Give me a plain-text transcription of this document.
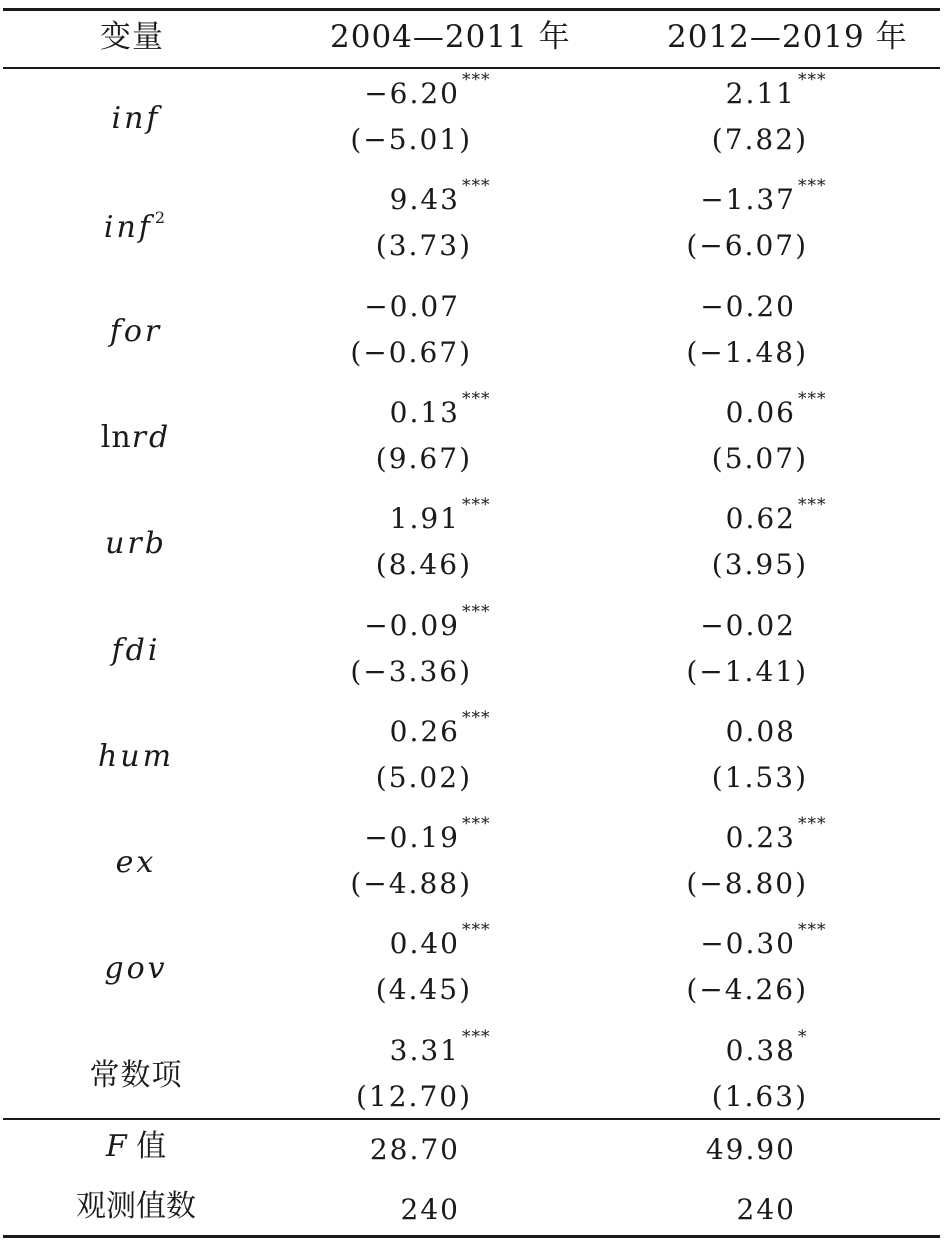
变量	2004—2011 年	2012—2019 年
inf
−6.20 ***	2.11 ***
(−5.01)	(7.82)
inf $^2$
9.43 ***	−1.37 ***
(3.73)	(−6.07)
for
−0.07	−0.20
(−0.67)	(−1.48)
lnrd
0.13 ***	0.06 ***
(9.67)	(5.07)
urb
1.91 ***	0.62 ***
(8.46)	(3.95)
fdi
−0.09 ***	−0.02
(−3.36)	(−1.41)
hum
0.26 ***	0.08
(5.02)	(1.53)
ex
−0.19 ***	0.23 ***
(−4.88)	(−8.80)
gov
0.40 ***	−0.30 ***
(4.45)	(−4.26)
常数项
3.31 ***	0.38 *
(12.70)	(1.63)
F 值	28.70	49.90
观测值数	240	240
